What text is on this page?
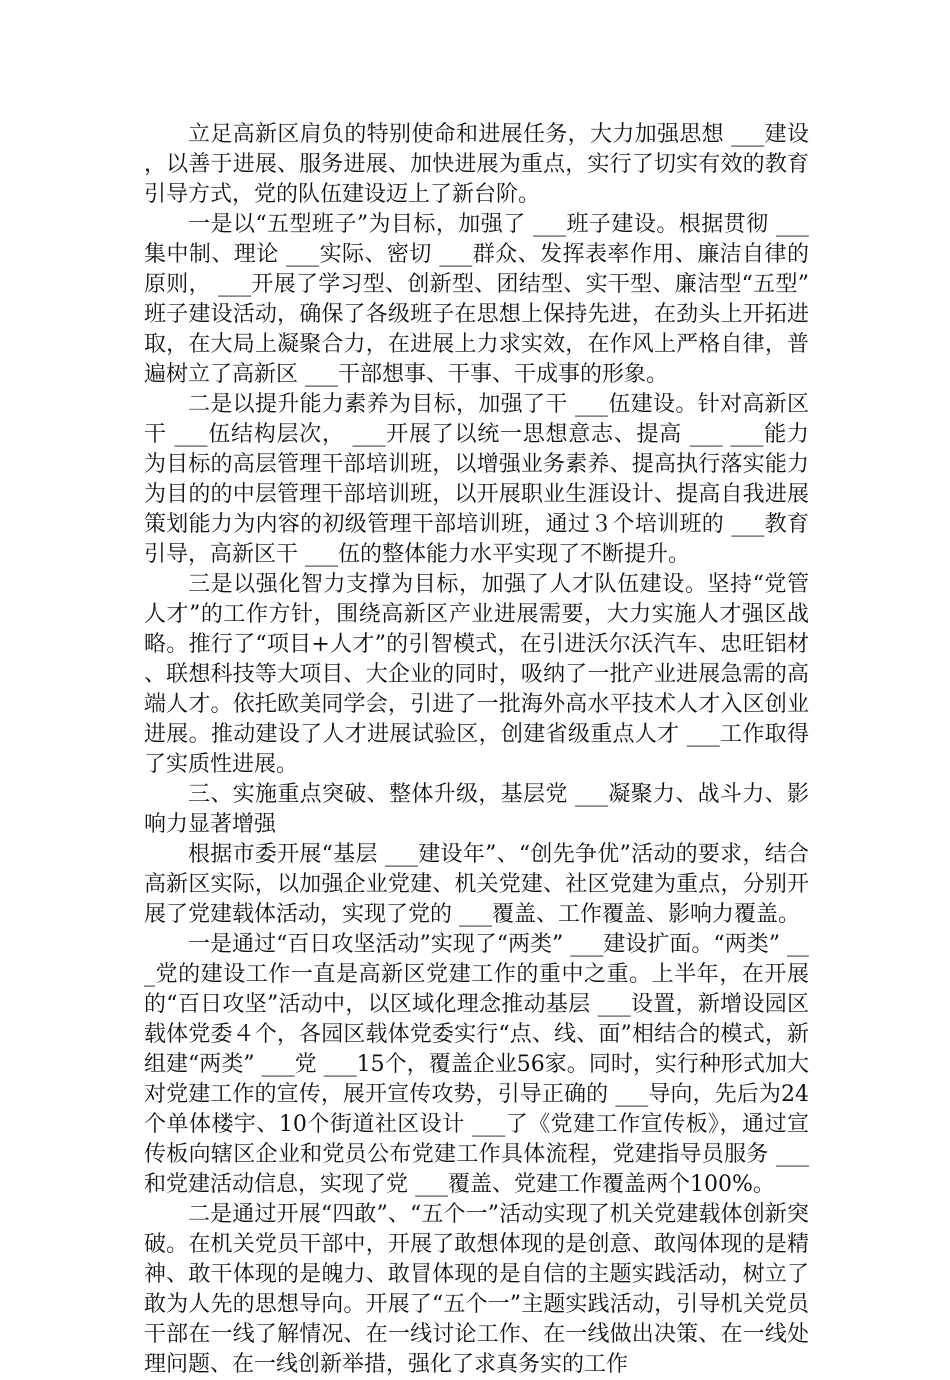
立足高新区肩负的特别使命和进展任务，大力加强思想 ___建设，以善于进展、服务进展、加快进展为重点，实行了切实有效的教育引导方式，党的队伍建设迈上了新台阶。

一是以“五型班子”为目标，加强了 ___班子建设。根据贯彻 ___集中制、理论 ___实际、密切 ___群众、发挥表率作用、廉洁自律的原则， ___开展了学习型、创新型、团结型、实干型、廉洁型“五型”班子建设活动，确保了各级班子在思想上保持先进，在劲头上开拓进取，在大局上凝聚合力，在进展上力求实效，在作风上严格自律，普遍树立了高新区 ___干部想事、干事、干成事的形象。

二是以提升能力素养为目标，加强了干 ___伍建设。针对高新区干 ___伍结构层次， ___开展了以统一思想意志、提高 ___ ___能力为目标的高层管理干部培训班，以增强业务素养、提高执行落实能力为目的的中层管理干部培训班，以开展职业生涯设计、提高自我进展策划能力为内容的初级管理干部培训班，通过３个培训班的 ___教育引导，高新区干 ___伍的整体能力水平实现了不断提升。

三是以强化智力支撑为目标，加强了人才队伍建设。坚持“党管人才”的工作方针，围绕高新区产业进展需要，大力实施人才强区战略。推行了“项目+人才”的引智模式，在引进沃尔沃汽车、忠旺铝材、联想科技等大项目、大企业的同时，吸纳了一批产业进展急需的高端人才。依托欧美同学会，引进了一批海外高水平技术人才入区创业进展。推动建设了人才进展试验区，创建省级重点人才 ___工作取得了实质性进展。

三、实施重点突破、整体升级，基层党 ___凝聚力、战斗力、影响力显著增强

根据市委开展“基层 ___建设年”、“创先争优”活动的要求，结合高新区实际，以加强企业党建、机关党建、社区党建为重点，分别开展了党建载体活动，实现了党的 ___覆盖、工作覆盖、影响力覆盖。

一是通过“百日攻坚活动”实现了“两类” ___建设扩面。“两类” ___党的建设工作一直是高新区党建工作的重中之重。上半年，在开展的“百日攻坚”活动中，以区域化理念推动基层 ___设置，新增设园区载体党委４个，各园区载体党委实行“点、线、面”相结合的模式，新组建“两类” ___党 ___15个，覆盖企业56家。同时，实行种形式加大对党建工作的宣传，展开宣传攻势，引导正确的 ___导向，先后为24个单体楼宇、10个街道社区设计 ___了《党建工作宣传板》，通过宣传板向辖区企业和党员公布党建工作具体流程，党建指导员服务 ___和党建活动信息，实现了党 ___覆盖、党建工作覆盖两个100%。

二是通过开展“四敢”、“五个一”活动实现了机关党建载体创新突破。在机关党员干部中，开展了敢想体现的是创意、敢闯体现的是精神、敢干体现的是魄力、敢冒体现的是自信的主题实践活动，树立了敢为人先的思想导向。开展了“五个一”主题实践活动，引导机关党员干部在一线了解情况、在一线讨论工作、在一线做出决策、在一线处理问题、在一线创新举措，强化了求真务实的工作
